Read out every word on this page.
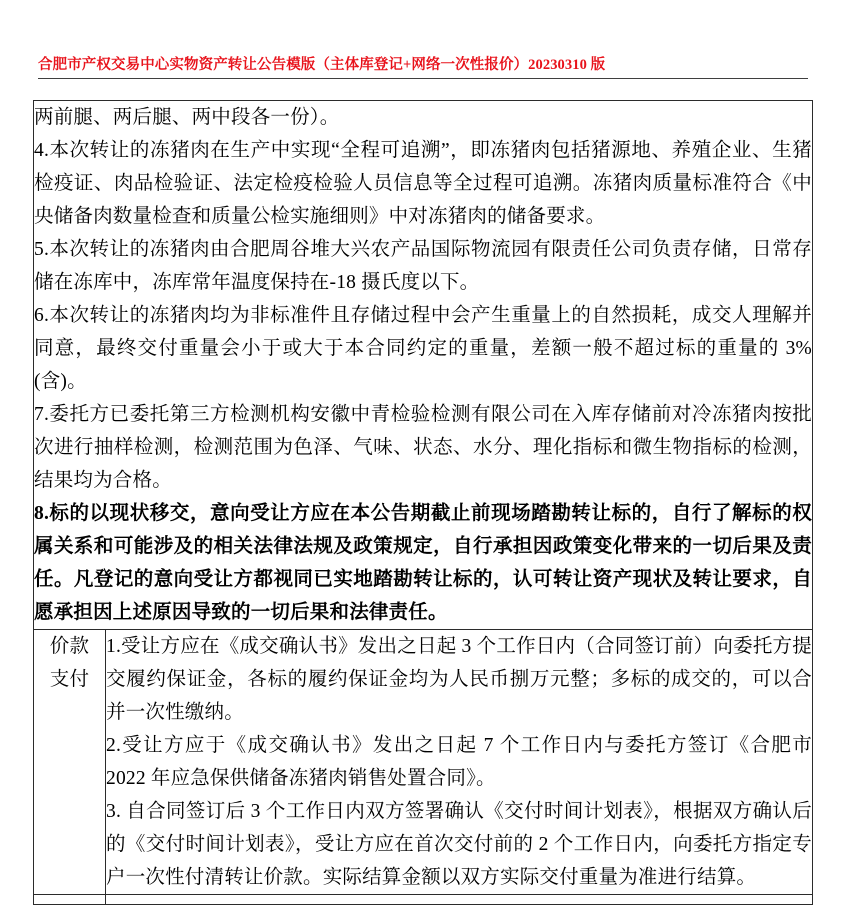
合肥市产权交易中心实物资产转让公告模版（主体库登记+网络一次性报价）20230310 版

两前腿、两后腿、两中段各一份）。

4.本次转让的冻猪肉在生产中实现“全程可追溯”，即冻猪肉包括猪源地、养殖企业、生猪检疫证、肉品检验证、法定检疫检验人员信息等全过程可追溯。冻猪肉质量标准符合《中央储备肉数量检查和质量公检实施细则》中对冻猪肉的储备要求。

5.本次转让的冻猪肉由合肥周谷堆大兴农产品国际物流园有限责任公司负责存储，日常存储在冻库中，冻库常年温度保持在-18 摄氏度以下。

6.本次转让的冻猪肉均为非标准件且存储过程中会产生重量上的自然损耗，成交人理解并同意，最终交付重量会小于或大于本合同约定的重量，差额一般不超过标的重量的 3%(含)。

7.委托方已委托第三方检测机构安徽中青检验检测有限公司在入库存储前对冷冻猪肉按批次进行抽样检测，检测范围为色泽、气味、状态、水分、理化指标和微生物指标的检测，结果均为合格。

8.标的以现状移交，意向受让方应在本公告期截止前现场踏勘转让标的，自行了解标的权属关系和可能涉及的相关法律法规及政策规定，自行承担因政策变化带来的一切后果及责任。凡登记的意向受让方都视同已实地踏勘转让标的，认可转让资产现状及转让要求，自愿承担因上述原因导致的一切后果和法律责任。

价款支付	1.受让方应在《成交确认书》发出之日起 3 个工作日内（合同签订前）向委托方提交履约保证金，各标的履约保证金均为人民币捌万元整；多标的成交的，可以合并一次性缴纳。

2.受让方应于《成交确认书》发出之日起 7 个工作日内与委托方签订《合肥市 2022 年应急保供储备冻猪肉销售处置合同》。

3. 自合同签订后 3 个工作日内双方签署确认《交付时间计划表》，根据双方确认后的《交付时间计划表》，受让方应在首次交付前的 2 个工作日内，向委托方指定专户一次性付清转让价款。实际结算金额以双方实际交付重量为准进行结算。
